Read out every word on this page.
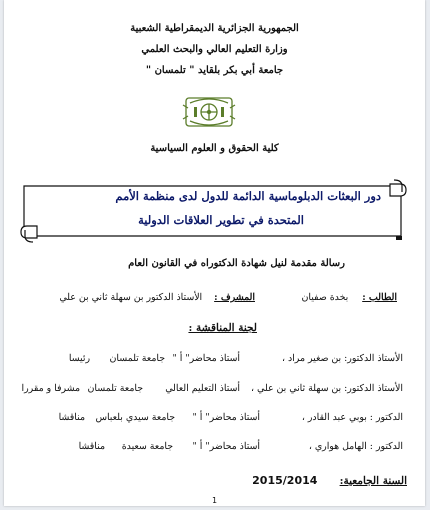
الجمهورية الجزائرية الديمقراطية الشعبية
وزارة التعليم العالي والبحث العلمي
جامعة أبي بكر بلقايد " تلمسان "
كلية الحقوق و العلوم السياسية
دور البعثات الدبلوماسية الدائمة للدول لدى منظمة الأمم
المتحدة في تطوير العلاقات الدولية
رسالة مقدمة لنيل شهادة الدكتوراه في القانون العام
الطالب :  بخدة صفيان
المشرف :  الأستاذ الدكتور بن سهلة ثاني بن علي
لجنة المناقشة :
الأستاذ الدكتور: بن صغير مراد ،
أستاذ محاضر" أ "
جامعة تلمسان
رئيسا
الأستاذ الدكتور: بن سهلة ثاني بن علي ،
أستاذ التعليم العالي
جامعة تلمسان
مشرفا و مقررا
الدكتور : بوبي عبد القادر ،
أستاذ محاضر" أ "
جامعة سيدي بلعباس
مناقشا
الدكتور : الهامل هواري ،
أستاذ محاضر" أ "
جامعة سعيدة
مناقشا
السنة الجامعية:  2015/2014
1
